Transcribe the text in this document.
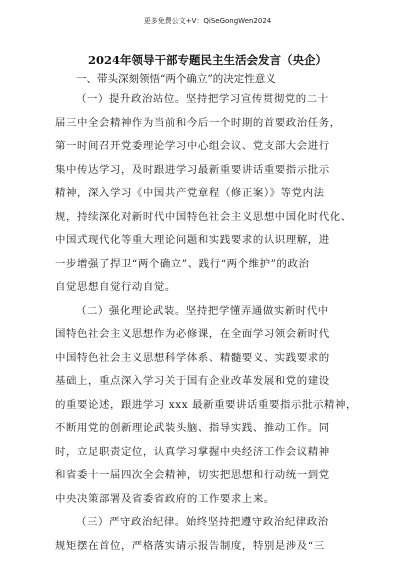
更多免费公文+V：QiSeGongWen2024
2024年领导干部专题民主生活会发言（央企）
一、带头深刻领悟“两个确立”的决定性意义
（一）提升政治站位。坚持把学习宣传贯彻党的二十
届三中全会精神作为当前和今后一个时期的首要政治任务，
第一时间召开党委理论学习中心组会议、党支部大会进行
集中传达学习，及时跟进学习最新重要讲话重要指示批示
精神，深入学习《中国共产党章程（修正案）》等党内法
规，持续深化对新时代中国特色社会主义思想中国化时代化、
中国式现代化等重大理论问题和实践要求的认识理解，进
一步增强了捍卫“两个确立”、践行“两个维护”的政治
自觉思想自觉行动自觉。
（二）强化理论武装。坚持把学懂弄通做实新时代中
国特色社会主义思想作为必修课，在全面学习领会新时代
中国特色社会主义思想科学体系、精髓要义、实践要求的
基础上，重点深入学习关于国有企业改革发展和党的建设
的重要论述，跟进学习 xxx 最新重要讲话重要指示批示精神，
不断用党的创新理论武装头脑、指导实践、推动工作。同
时，立足职责定位，认真学习掌握中央经济工作会议精神
和省委十一届四次全会精神，切实把思想和行动统一到党
中央决策部署及省委省政府的工作要求上来。
（三）严守政治纪律。始终坚持把遵守政治纪律政治
规矩摆在首位，严格落实请示报告制度，特别是涉及“三
